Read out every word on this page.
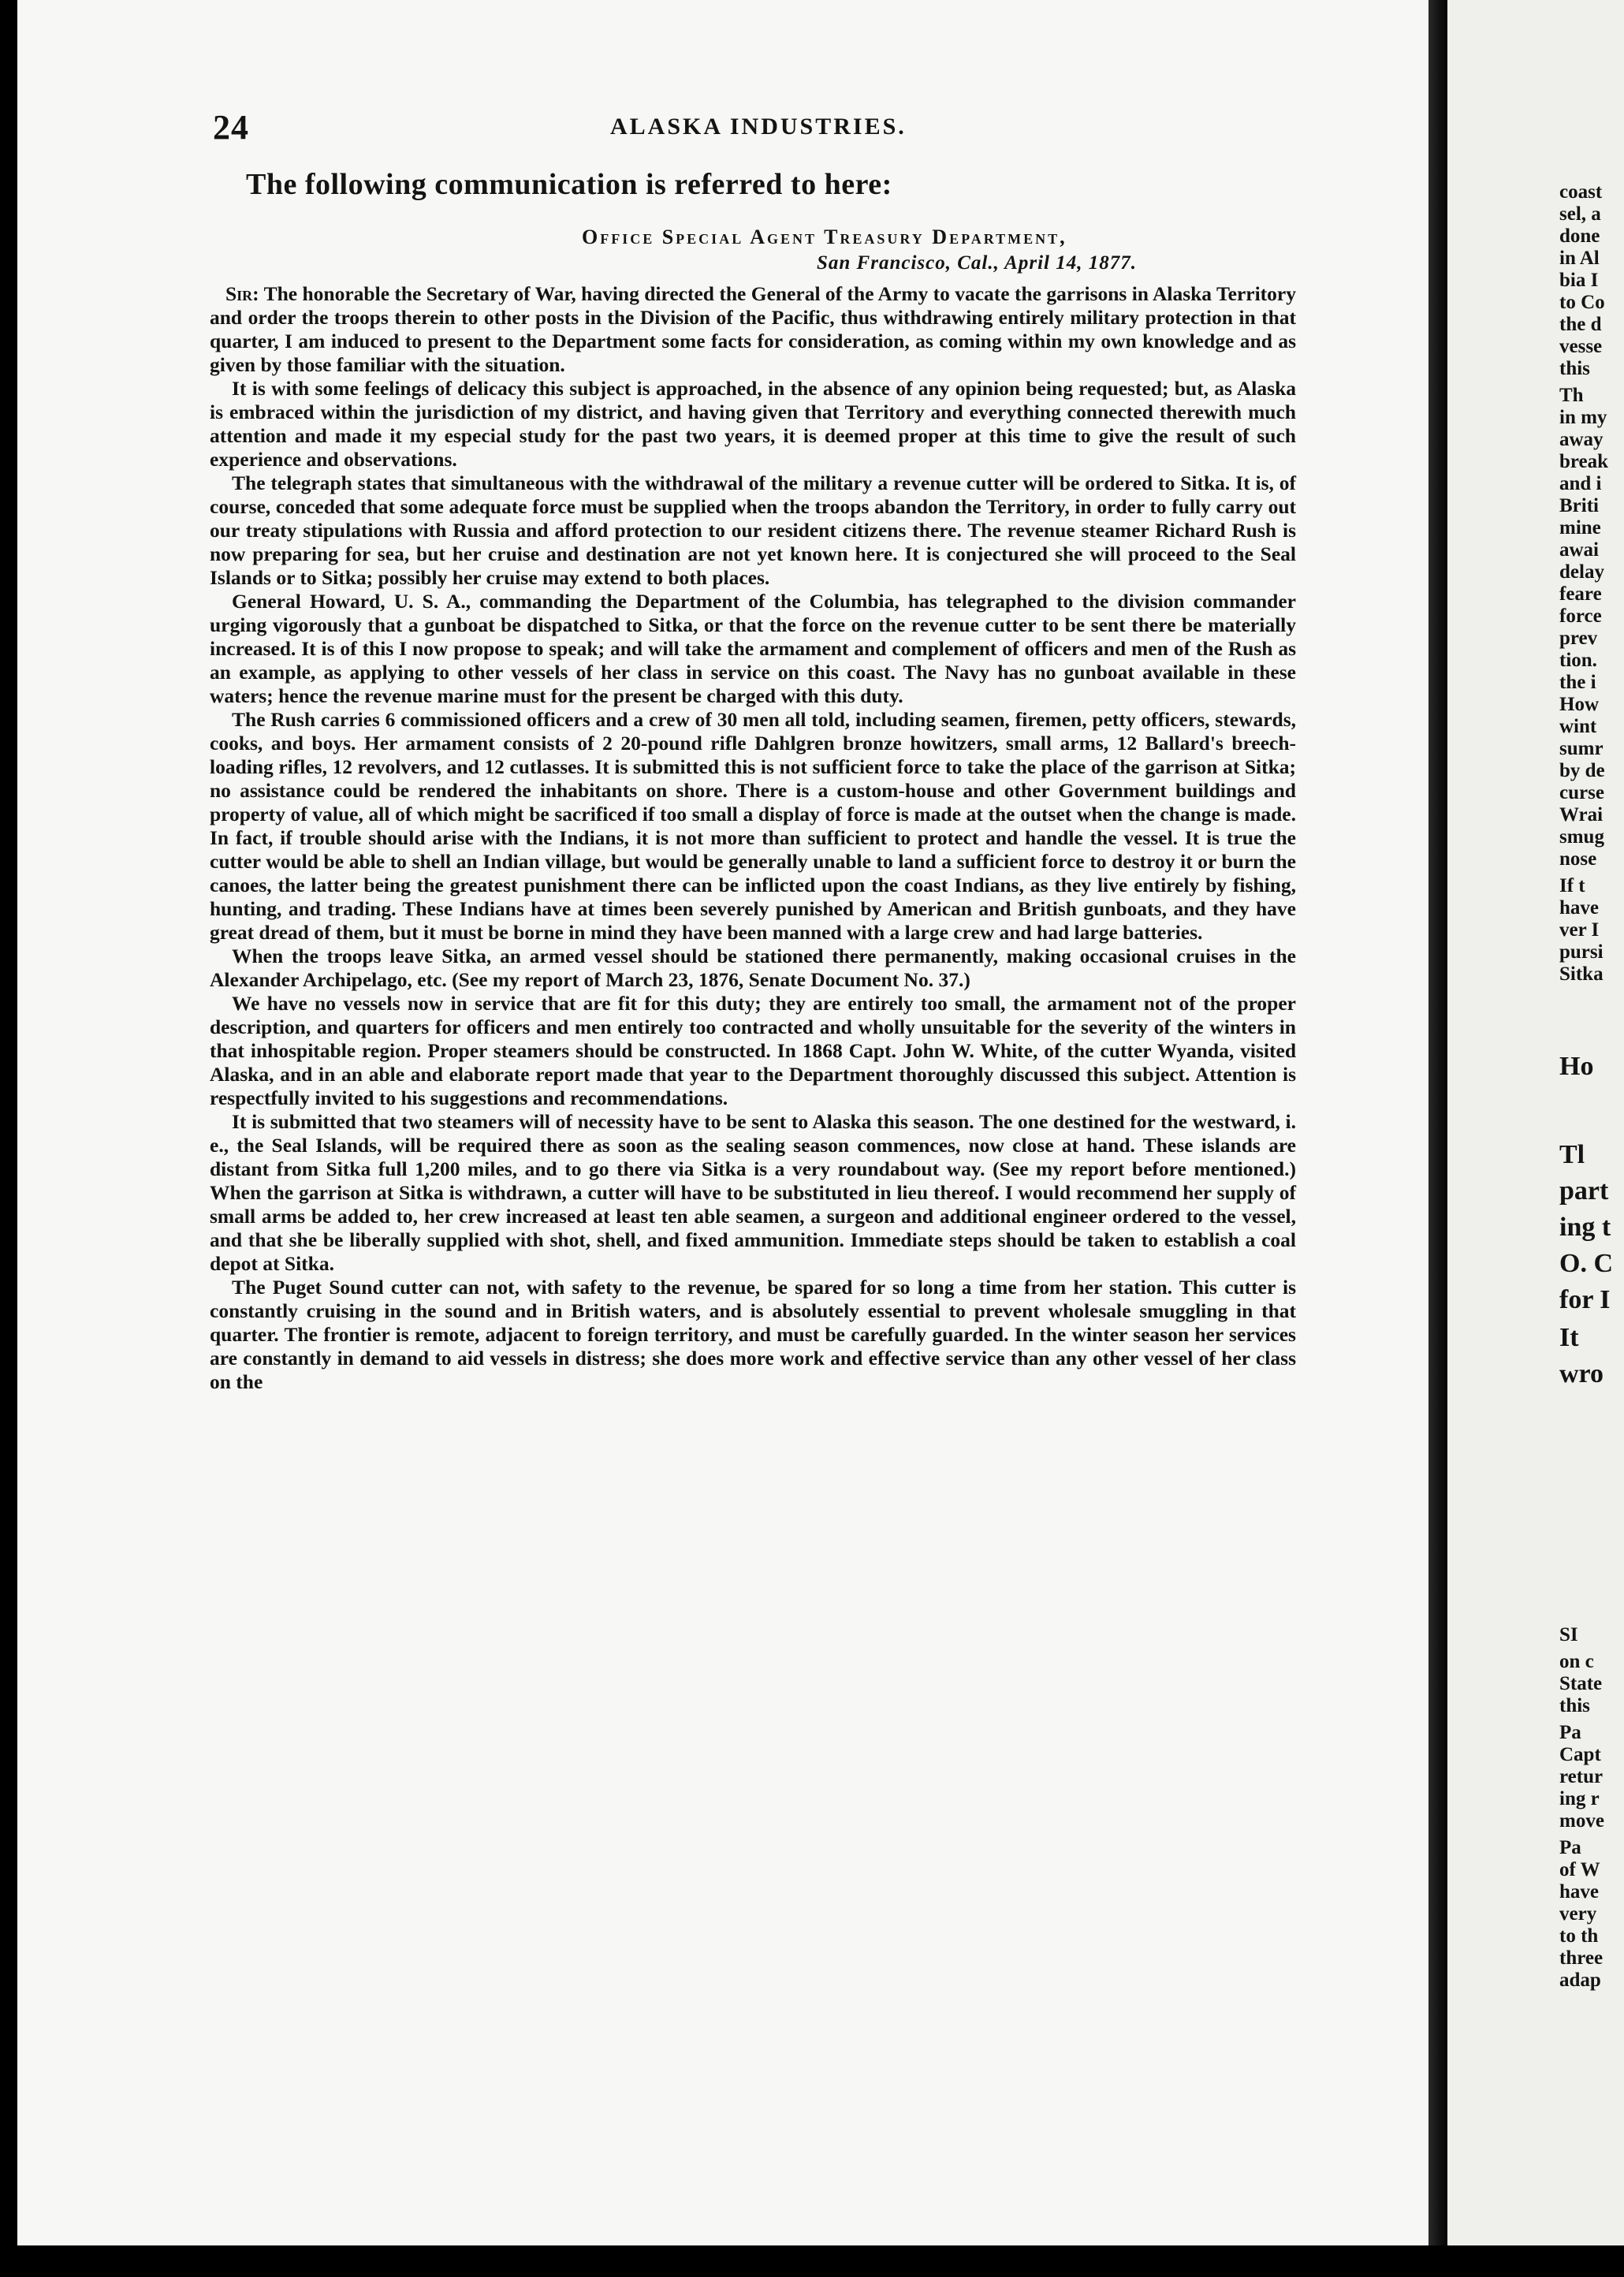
24	ALASKA INDUSTRIES.
The following communication is referred to here:
Office Special Agent Treasury Department,
San Francisco, Cal., April 14, 1877.

Sir: The honorable the Secretary of War, having directed the General of the Army to vacate the garrisons in Alaska Territory and order the troops therein to other posts in the Division of the Pacific, thus withdrawing entirely military protection in that quarter, I am induced to present to the Department some facts for consideration, as coming within my own knowledge and as given by those familiar with the situation.

It is with some feelings of delicacy this subject is approached, in the absence of any opinion being requested; but, as Alaska is embraced within the jurisdiction of my district, and having given that Territory and everything connected therewith much attention and made it my especial study for the past two years, it is deemed proper at this time to give the result of such experience and observations.

The telegraph states that simultaneous with the withdrawal of the military a revenue cutter will be ordered to Sitka. It is, of course, conceded that some adequate force must be supplied when the troops abandon the Territory, in order to fully carry out our treaty stipulations with Russia and afford protection to our resident citizens there. The revenue steamer Richard Rush is now preparing for sea, but her cruise and destination are not yet known here. It is conjectured she will proceed to the Seal Islands or to Sitka; possibly her cruise may extend to both places.

General Howard, U. S. A., commanding the Department of the Columbia, has telegraphed to the division commander urging vigorously that a gunboat be dispatched to Sitka, or that the force on the revenue cutter to be sent there be materially increased. It is of this I now propose to speak; and will take the armament and complement of officers and men of the Rush as an example, as applying to other vessels of her class in service on this coast. The Navy has no gunboat available in these waters; hence the revenue marine must for the present be charged with this duty.

The Rush carries 6 commissioned officers and a crew of 30 men all told, including seamen, firemen, petty officers, stewards, cooks, and boys. Her armament consists of 2 20-pound rifle Dahlgren bronze howitzers, small arms, 12 Ballard's breech-loading rifles, 12 revolvers, and 12 cutlasses. It is submitted this is not sufficient force to take the place of the garrison at Sitka; no assistance could be rendered the inhabitants on shore. There is a custom-house and other Government buildings and property of value, all of which might be sacrificed if too small a display of force is made at the outset when the change is made. In fact, if trouble should arise with the Indians, it is not more than sufficient to protect and handle the vessel. It is true the cutter would be able to shell an Indian village, but would be generally unable to land a sufficient force to destroy it or burn the canoes, the latter being the greatest punishment there can be inflicted upon the coast Indians, as they live entirely by fishing, hunting, and trading. These Indians have at times been severely punished by American and British gunboats, and they have great dread of them, but it must be borne in mind they have been manned with a large crew and had large batteries.

When the troops leave Sitka, an armed vessel should be stationed there permanently, making occasional cruises in the Alexander Archipelago, etc. (See my report of March 23, 1876, Senate Document No. 37.)

We have no vessels now in service that are fit for this duty; they are entirely too small, the armament not of the proper description, and quarters for officers and men entirely too contracted and wholly unsuitable for the severity of the winters in that inhospitable region. Proper steamers should be constructed. In 1868 Capt. John W. White, of the cutter Wyanda, visited Alaska, and in an able and elaborate report made that year to the Department thoroughly discussed this subject. Attention is respectfully invited to his suggestions and recommendations.

It is submitted that two steamers will of necessity have to be sent to Alaska this season. The one destined for the westward, i. e., the Seal Islands, will be required there as soon as the sealing season commences, now close at hand. These islands are distant from Sitka full 1,200 miles, and to go there via Sitka is a very roundabout way. (See my report before mentioned.) When the garrison at Sitka is withdrawn, a cutter will have to be substituted in lieu thereof. I would recommend her supply of small arms be added to, her crew increased at least ten able seamen, a surgeon and additional engineer ordered to the vessel, and that she be liberally supplied with shot, shell, and fixed ammunition. Immediate steps should be taken to establish a coal depot at Sitka.

The Puget Sound cutter can not, with safety to the revenue, be spared for so long a time from her station. This cutter is constantly cruising in the sound and in British waters, and is absolutely essential to prevent wholesale smuggling in that quarter. The frontier is remote, adjacent to foreign territory, and must be carefully guarded. In the winter season her services are constantly in demand to aid vessels in distress; she does more work and effective service than any other vessel of her class on the

coast
sel, a
done
in Al
bia I
to Co
the d
vesse
this
Th
in my
away
break
and i
Briti
mine
awai
delay
feare
force
prev
tion.
the i
How
wint
sumr
by de
curse
Wrai
smug
nose
If t
have
ver I
pursi
Sitka
Ho
Tl
part
ing t
O. C
for I
It
wro
SI
on c
State
this
Pa
Capt
retur
ing r
move
Pa
of W
have
very
to th
three
adap
